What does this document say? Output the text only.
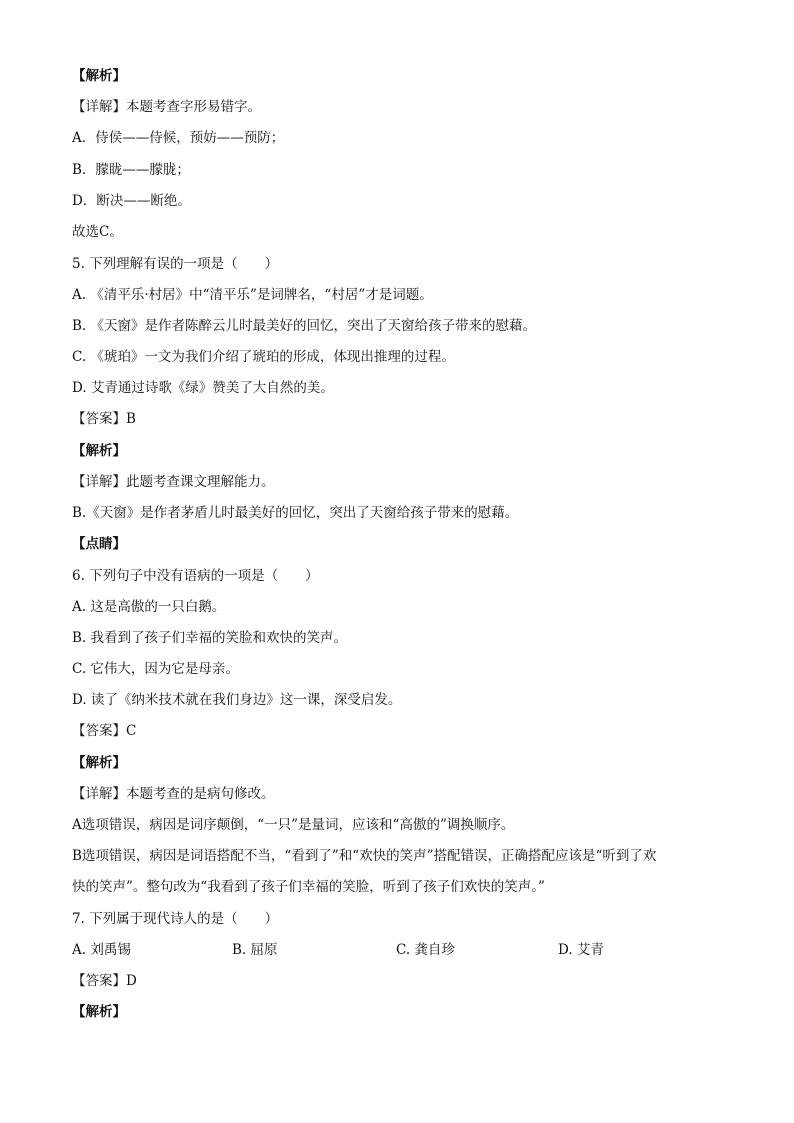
【解析】
【详解】本题考查字形易错字。
A．侍侯——侍候，预妨——预防；
B．朦眬——朦胧；
D．断决——断绝。
故选C。
5. 下列理解有误的一项是（　　）
A. 《清平乐·村居》中“清平乐”是词牌名，“村居”才是词题。
B. 《天窗》是作者陈醉云儿时最美好的回忆，突出了天窗给孩子带来的慰藉。
C. 《琥珀》一文为我们介绍了琥珀的形成，体现出推理的过程。
D. 艾青通过诗歌《绿》赞美了大自然的美。
【答案】B
【解析】
【详解】此题考查课文理解能力。
B.《天窗》是作者茅盾儿时最美好的回忆，突出了天窗给孩子带来的慰藉。
【点睛】
6. 下列句子中没有语病的一项是（　　）
A. 这是高傲的一只白鹅。
B. 我看到了孩子们幸福的笑脸和欢快的笑声。
C. 它伟大，因为它是母亲。
D. 读了《纳米技术就在我们身边》这一课，深受启发。
【答案】C
【解析】
【详解】本题考查的是病句修改。
A选项错误，病因是词序颠倒，“一只”是量词，应该和“高傲的”调换顺序。
B选项错误，病因是词语搭配不当，“看到了”和“欢快的笑声”搭配错误，正确搭配应该是“听到了欢
快的笑声”。整句改为“我看到了孩子们幸福的笑脸，听到了孩子们欢快的笑声。”
7. 下列属于现代诗人的是（　　）
A. 刘禹锡	B. 屈原	C. 龚自珍	D. 艾青
【答案】D
【解析】
